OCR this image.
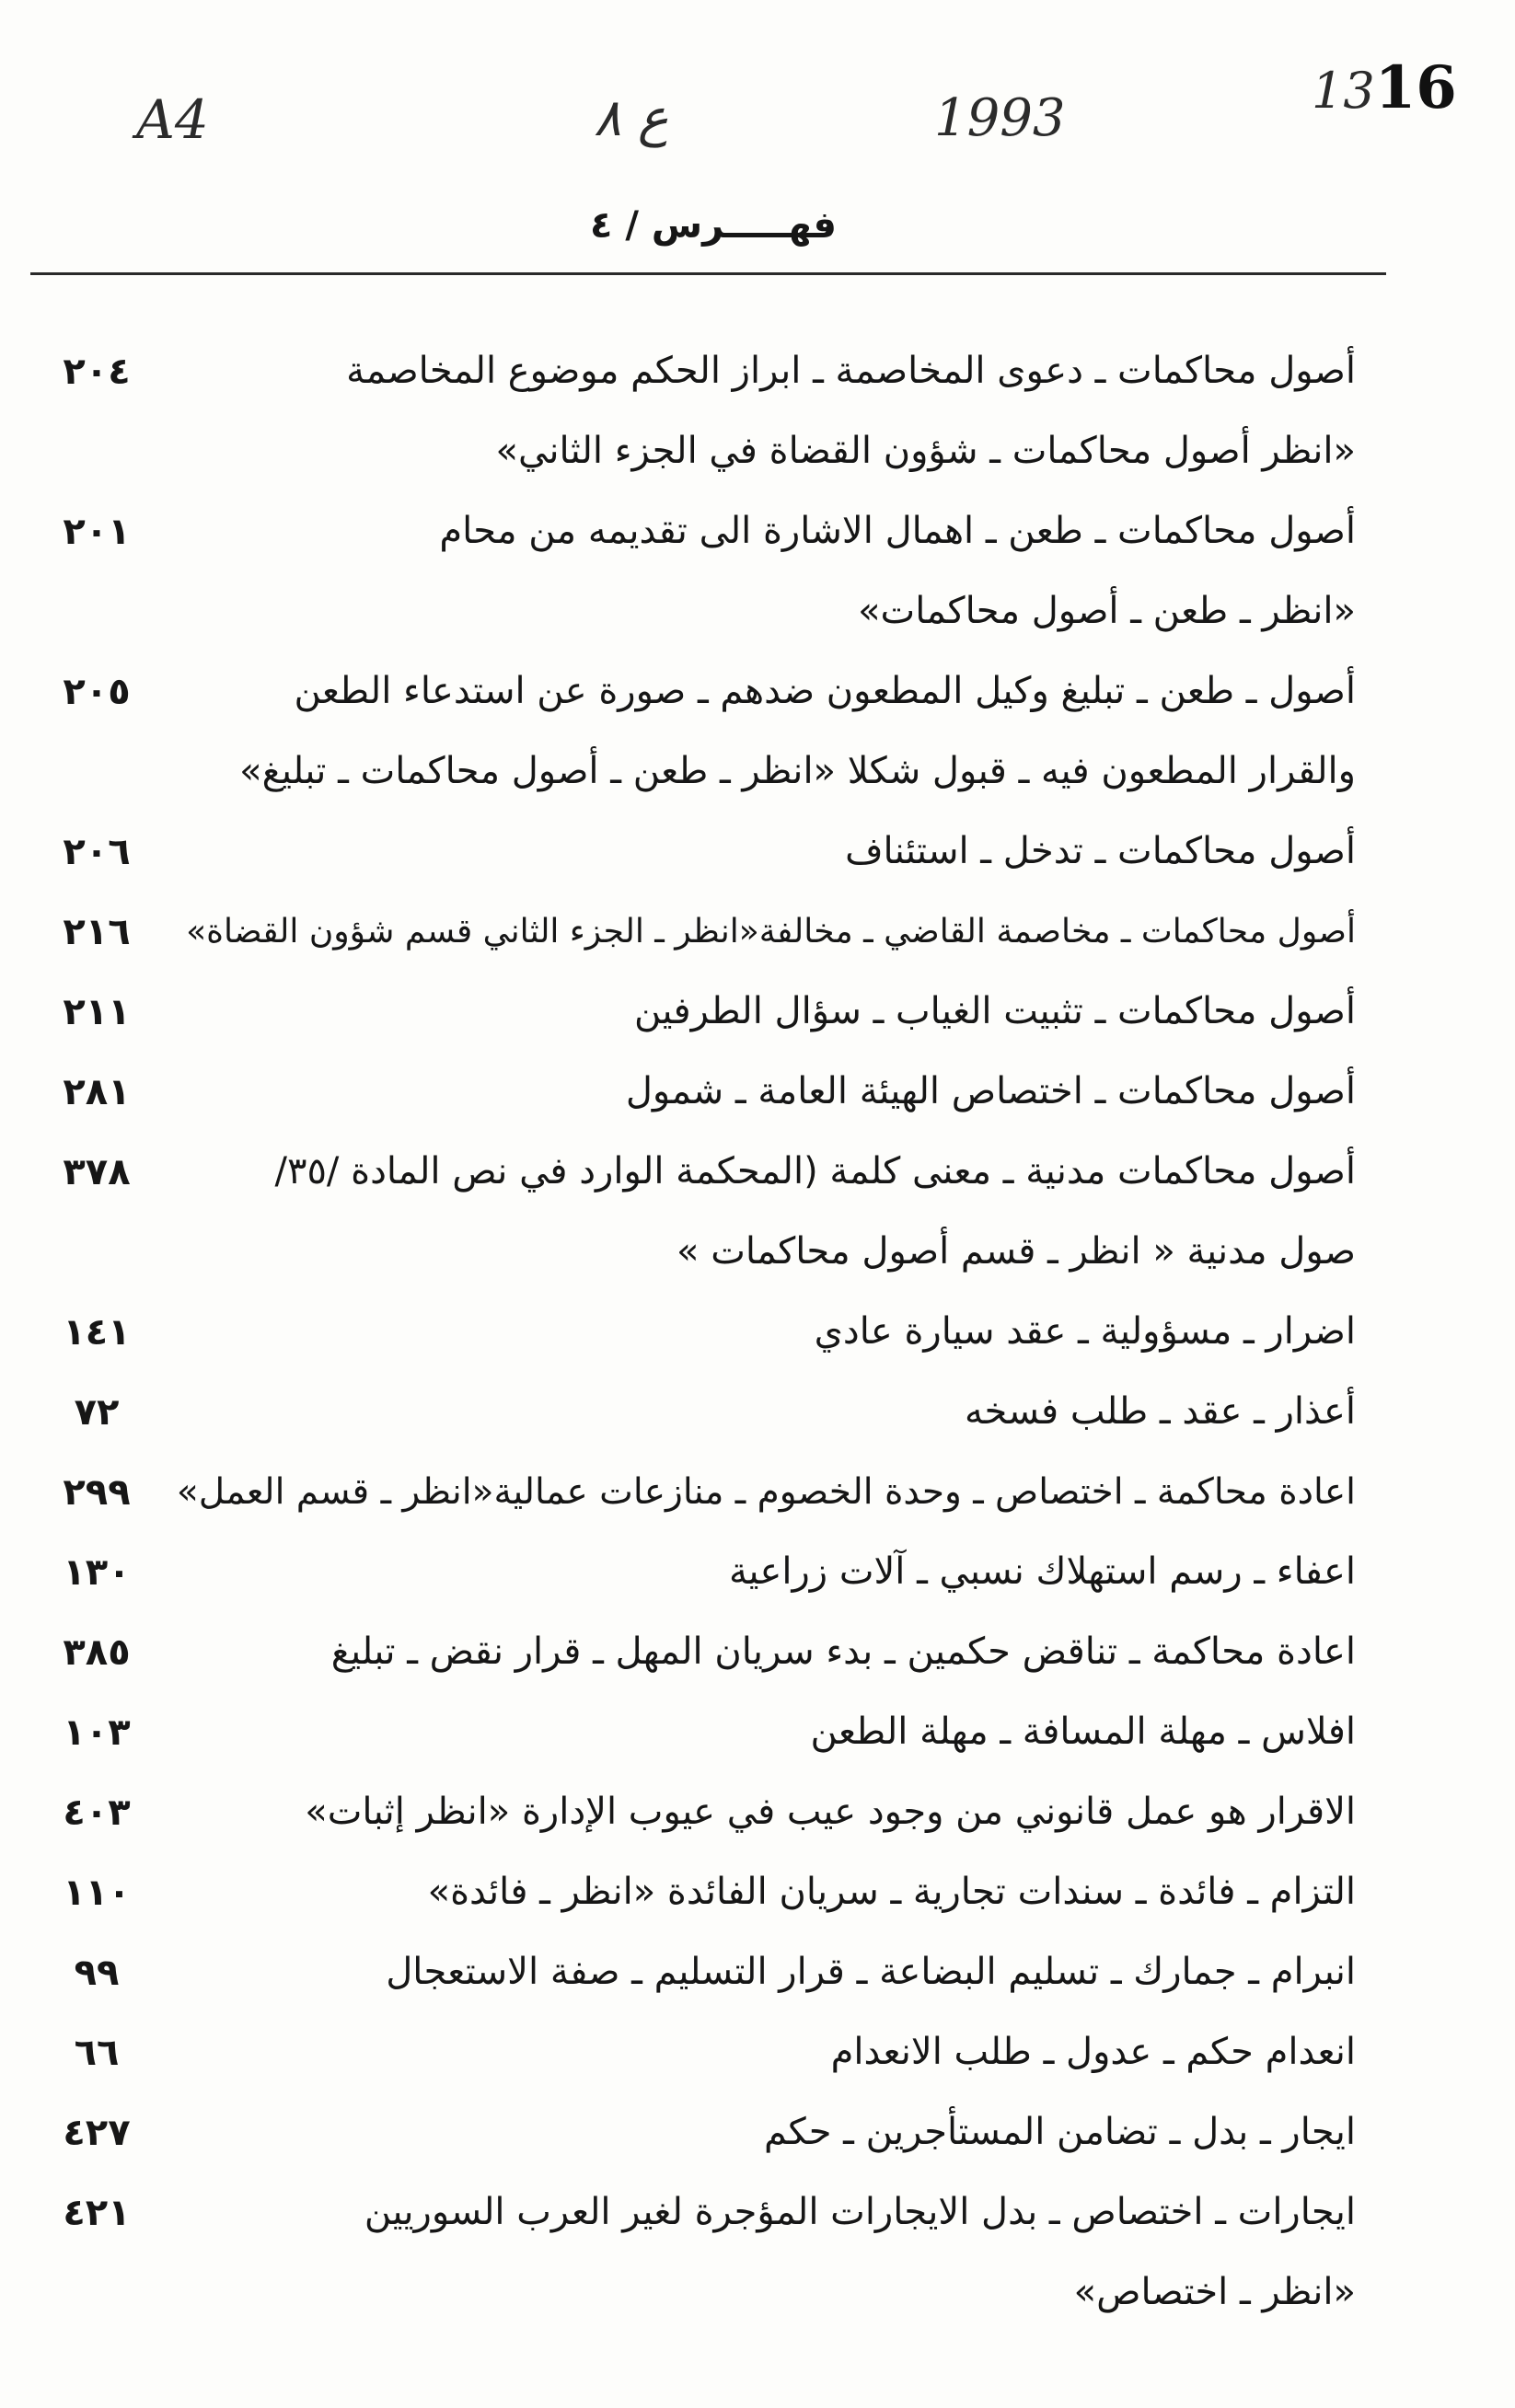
A4	٨ ع	1993	1316
فهـــــرس / ٤
أصول محاكمات ـ دعوى المخاصمة ـ ابراز الحكم موضوع المخاصمة
٢٠٤
«انظر أصول محاكمات ـ شؤون القضاة في الجزء الثاني»
أصول محاكمات ـ طعن ـ اهمال الاشارة الى تقديمه من محام
٢٠١
«انظر ـ طعن ـ أصول محاكمات»
أصول ـ طعن ـ تبليغ وكيل المطعون ضدهم ـ صورة عن استدعاء الطعن
٢٠٥
والقرار المطعون فيه ـ قبول شكلا «انظر ـ طعن ـ أصول محاكمات ـ تبليغ»
أصول محاكمات ـ تدخل ـ استئناف
٢٠٦
أصول محاكمات ـ مخاصمة القاضي ـ مخالفة«انظر ـ الجزء الثاني قسم شؤون القضاة»
٢١٦
أصول محاكمات ـ تثبيت الغياب ـ سؤال الطرفين
٢١١
أصول محاكمات ـ اختصاص الهيئة العامة ـ شمول
٢٨١
أصول محاكمات مدنية ـ معنى كلمة (المحكمة الوارد في نص المادة /٣٥/
٣٧٨
صول مدنية « انظر ـ قسم أصول محاكمات »
اضرار ـ مسؤولية ـ عقد سيارة عادي
١٤١
أعذار ـ عقد ـ طلب فسخه
٧٢
اعادة محاكمة ـ اختصاص ـ وحدة الخصوم ـ منازعات عمالية«انظر ـ قسم العمل»
٢٩٩
اعفاء ـ رسم استهلاك نسبي ـ آلات زراعية
١٣٠
اعادة محاكمة ـ تناقض حكمين ـ بدء سريان المهل ـ قرار نقض ـ تبليغ
٣٨٥
افلاس ـ مهلة المسافة ـ مهلة الطعن
١٠٣
الاقرار هو عمل قانوني من وجود عيب في عيوب الإدارة «انظر إثبات»
٤٠٣
التزام ـ فائدة ـ سندات تجارية ـ سريان الفائدة «انظر ـ فائدة»
١١٠
انبرام ـ جمارك ـ تسليم البضاعة ـ قرار التسليم ـ صفة الاستعجال
٩٩
انعدام حكم ـ عدول ـ طلب الانعدام
٦٦
ايجار ـ بدل ـ تضامن المستأجرين ـ حكم
٤٢٧
ايجارات ـ اختصاص ـ بدل الايجارات المؤجرة لغير العرب السوريين
٤٢١
«انظر ـ اختصاص»
